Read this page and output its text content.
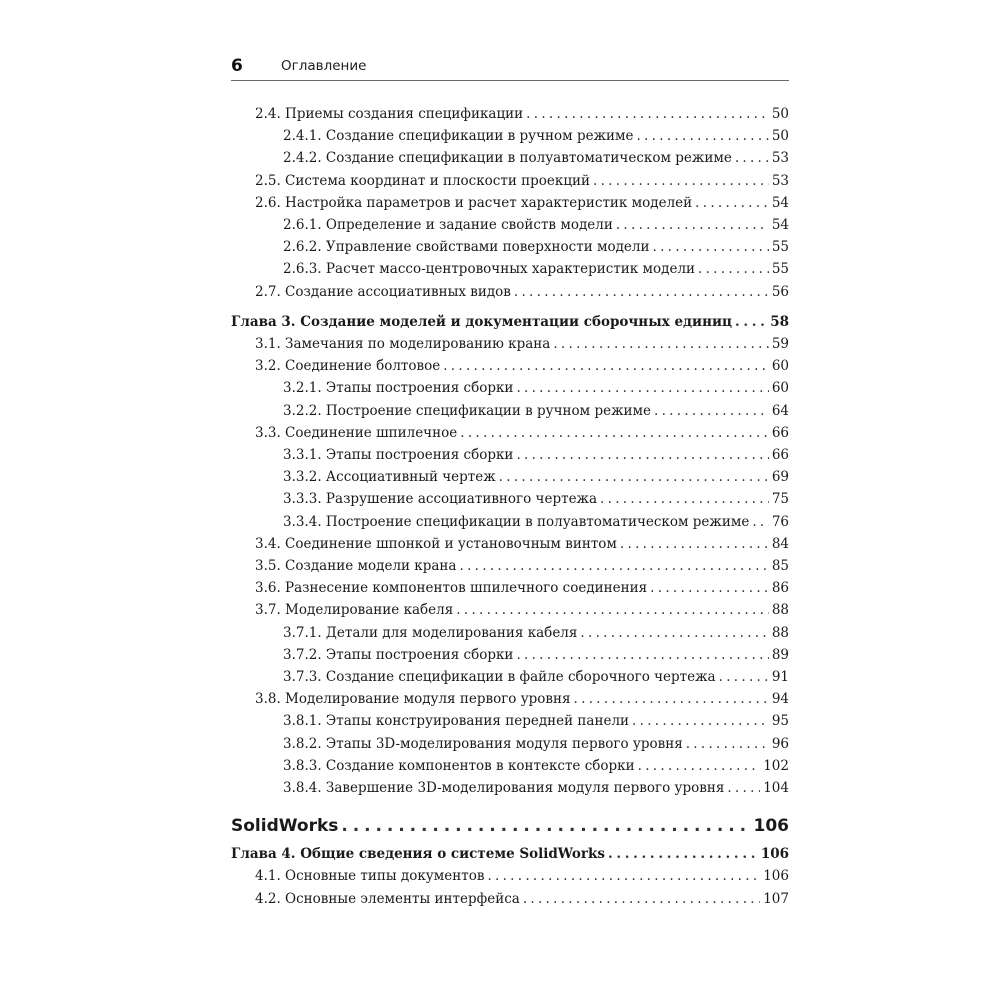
6	Оглавление
2.4. Приемы создания спецификации . . .	50
2.4.1. Создание спецификации в ручном режиме . . .	50
2.4.2. Создание спецификации в полуавтоматическом режиме . . .	53
2.5. Система координат и плоскости проекций . . .	53
2.6. Настройка параметров и расчет характеристик моделей . . .	54
2.6.1. Определение и задание свойств модели . . .	54
2.6.2. Управление свойствами поверхности модели . . .	55
2.6.3. Расчет массо-центровочных характеристик модели . . .	55
2.7. Создание ассоциативных видов . . .	56
Глава 3. Создание моделей и документации сборочных единиц . . .	58
3.1. Замечания по моделированию крана . . .	59
3.2. Соединение болтовое . . .	60
3.2.1. Этапы построения сборки . . .	60
3.2.2. Построение спецификации в ручном режиме . . .	64
3.3. Соединение шпилечное . . .	66
3.3.1. Этапы построения сборки . . .	66
3.3.2. Ассоциативный чертеж . . .	69
3.3.3. Разрушение ассоциативного чертежа . . .	75
3.3.4. Построение спецификации в полуавтоматическом режиме . . . 76
3.4. Соединение шпонкой и установочным винтом . . .	84
3.5. Создание модели крана . . .	85
3.6. Разнесение компонентов шпилечного соединения . . .	86
3.7. Моделирование кабеля . . .	88
3.7.1. Детали для моделирования кабеля . . .	88
3.7.2. Этапы построения сборки . . .	89
3.7.3. Создание спецификации в файле сборочного чертежа . . .	91
3.8. Моделирование модуля первого уровня . . .	94
3.8.1. Этапы конструирования передней панели . . .	95
3.8.2. Этапы 3D-моделирования модуля первого уровня . . .	96
3.8.3. Создание компонентов в контексте сборки . . .	102
3.8.4. Завершение 3D-моделирования модуля первого уровня . . .	104
SolidWorks . . .	106
Глава 4. Общие сведения о системе SolidWorks . . .	106
4.1. Основные типы документов . . .	106
4.2. Основные элементы интерфейса . . .	107
